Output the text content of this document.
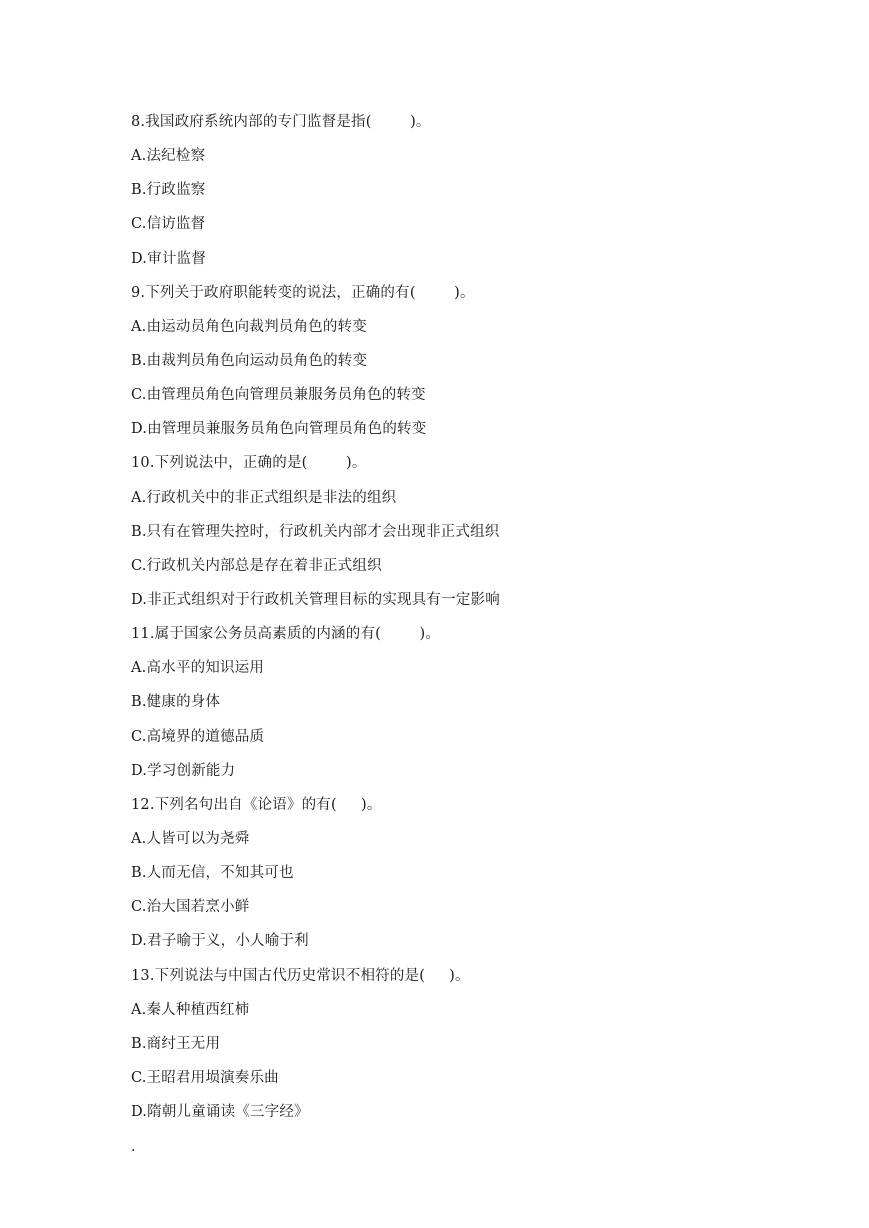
8.我国政府系统内部的专门监督是指(        )。
A.法纪检察
B.行政监察
C.信访监督
D.审计监督
9.下列关于政府职能转变的说法，正确的有(        )。
A.由运动员角色向裁判员角色的转变
B.由裁判员角色向运动员角色的转变
C.由管理员角色向管理员兼服务员角色的转变
D.由管理员兼服务员角色向管理员角色的转变
10.下列说法中，正确的是(        )。
A.行政机关中的非正式组织是非法的组织
B.只有在管理失控时，行政机关内部才会出现非正式组织
C.行政机关内部总是存在着非正式组织
D.非正式组织对于行政机关管理目标的实现具有一定影响
11.属于国家公务员高素质的内涵的有(        )。
A.高水平的知识运用
B.健康的身体
C.高境界的道德品质
D.学习创新能力
12.下列名句出自《论语》的有(     )。
A.人皆可以为尧舜
B.人而无信，不知其可也
C.治大国若烹小鲜
D.君子喻于义，小人喻于利
13.下列说法与中国古代历史常识不相符的是(     )。
A.秦人种植西红柿
B.商纣王无用
C.王昭君用埙演奏乐曲
D.隋朝儿童诵读《三字经》
.
